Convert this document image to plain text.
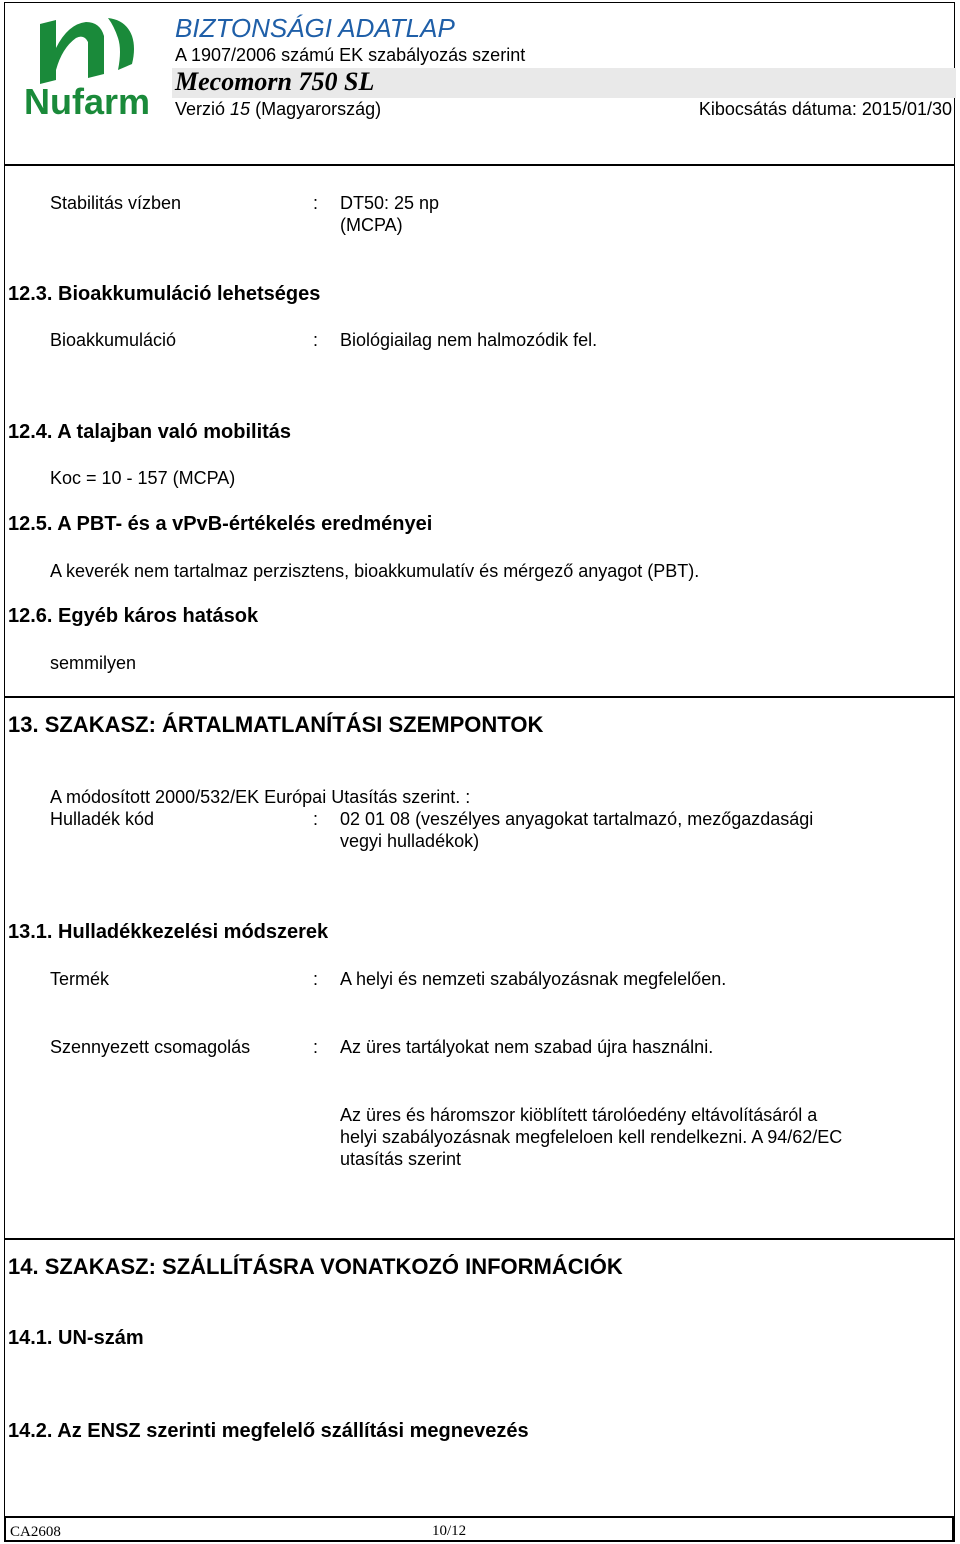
Nufarm
BIZTONSÁGI ADATLAP
A 1907/2006 számú EK szabályozás szerint
Mecomorn 750 SL
Verzió 15 (Magyarország)	Kibocsátás dátuma: 2015/01/30
Stabilitás vízben	: DT50: 25 np
(MCPA)
12.3. Bioakkumuláció lehetséges
Bioakkumuláció	: Biológiailag nem halmozódik fel.
12.4. A talajban való mobilitás
Koc = 10 - 157 (MCPA)
12.5. A PBT- és a vPvB-értékelés eredményei
A keverék nem tartalmaz perzisztens, bioakkumulatív és mérgező anyagot (PBT).
12.6. Egyéb káros hatások
semmilyen
13. SZAKASZ: ÁRTALMATLANÍTÁSI SZEMPONTOK
A módosított 2000/532/EK Európai Utasítás szerint. :
Hulladék kód	: 02 01 08 (veszélyes anyagokat tartalmazó, mezőgazdasági
vegyi hulladékok)
13.1. Hulladékkezelési módszerek
Termék	: A helyi és nemzeti szabályozásnak megfelelően.
Szennyezett csomagolás	: Az üres tartályokat nem szabad újra használni.
Az üres és háromszor kiöblített tárolóedény eltávolításáról a
helyi szabályozásnak megfeleloen kell rendelkezni. A 94/62/EC
utasítás szerint
14. SZAKASZ: SZÁLLÍTÁSRA VONATKOZÓ INFORMÁCIÓK
14.1. UN-szám
14.2. Az ENSZ szerinti megfelelő szállítási megnevezés
CA2608	10/12
